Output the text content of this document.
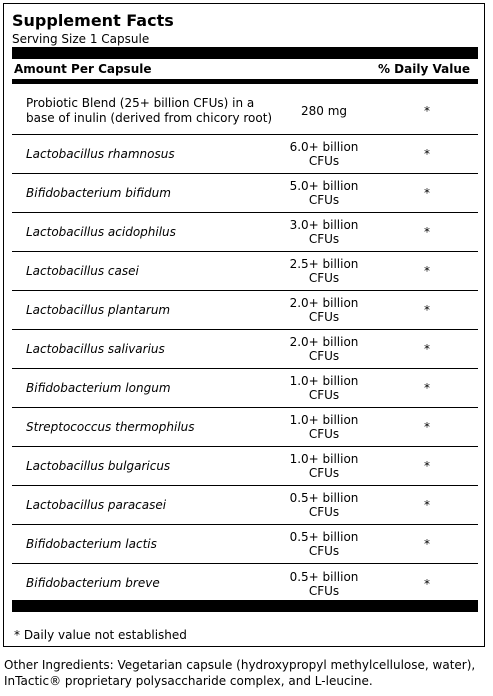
Supplement Facts
Serving Size 1 Capsule
Amount Per Capsule	% Daily Value
Probiotic Blend (25+ billion CFUs) in a base of inulin (derived from chicory root)	280 mg	*
Lactobacillus rhamnosus	6.0+ billion CFUs	*
Bifidobacterium bifidum	5.0+ billion CFUs	*
Lactobacillus acidophilus	3.0+ billion CFUs	*
Lactobacillus casei	2.5+ billion CFUs	*
Lactobacillus plantarum	2.0+ billion CFUs	*
Lactobacillus salivarius	2.0+ billion CFUs	*
Bifidobacterium longum	1.0+ billion CFUs	*
Streptococcus thermophilus	1.0+ billion CFUs	*
Lactobacillus bulgaricus	1.0+ billion CFUs	*
Lactobacillus paracasei	0.5+ billion CFUs	*
Bifidobacterium lactis	0.5+ billion CFUs	*
Bifidobacterium breve	0.5+ billion CFUs	*
* Daily value not established
Other Ingredients: Vegetarian capsule (hydroxypropyl methylcellulose, water), InTactic® proprietary polysaccharide complex, and L-leucine.
